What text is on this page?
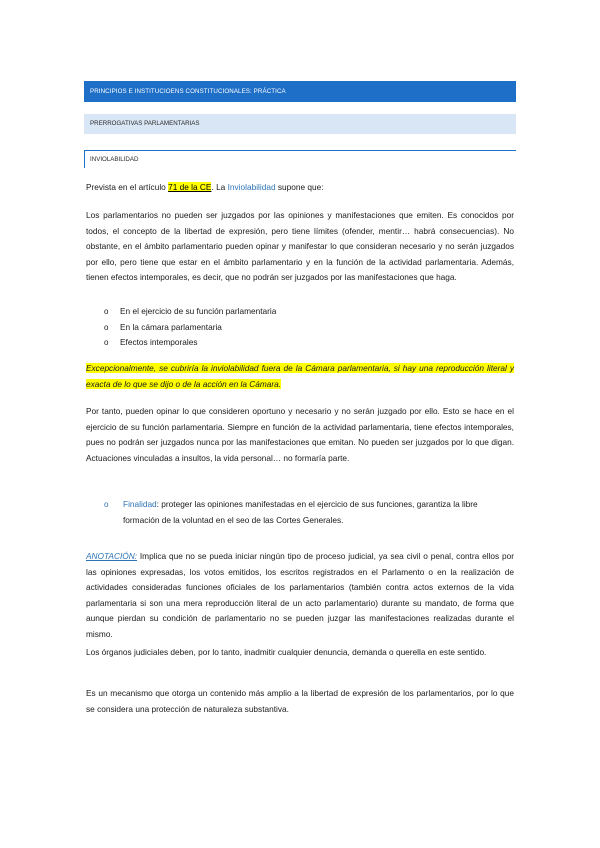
PRINCIPIOS E INSTITUCIOENS CONSTITUCIONALES: PRÁCTICA
PRERROGATIVAS PARLAMENTARIAS
INVIOLABILIDAD
Prevista en el artículo 71 de la CE. La Inviolabilidad supone que:
Los parlamentarios no pueden ser juzgados por las opiniones y manifestaciones que emiten. Es conocidos por todos, el concepto de la libertad de expresión, pero tiene límites (ofender, mentir… habrá consecuencias). No obstante, en el ámbito parlamentario pueden opinar y manifestar lo que consideran necesario y no serán juzgados por ello, pero tiene que estar en el ámbito parlamentario y en la función de la actividad parlamentaria. Además, tienen efectos intemporales, es decir, que no podrán ser juzgados por las manifestaciones que haga.
o En el ejercicio de su función parlamentaria
o En la cámara parlamentaria
o Efectos intemporales
Excepcionalmente, se cubriría la inviolabilidad fuera de la Cámara parlamentaria, si hay una reproducción literal y exacta de lo que se dijo o de la acción en la Cámara.
Por tanto, pueden opinar lo que consideren oportuno y necesario y no serán juzgado por ello. Esto se hace en el ejercicio de su función parlamentaria. Siempre en función de la actividad parlamentaria, tiene efectos intemporales, pues no podrán ser juzgados nunca por las manifestaciones que emitan. No pueden ser juzgados por lo que digan. Actuaciones vinculadas a insultos, la vida personal… no formaría parte.
o Finalidad: proteger las opiniones manifestadas en el ejercicio de sus funciones, garantiza la libre formación de la voluntad en el seo de las Cortes Generales.
ANOTACIÓN: Implica que no se pueda iniciar ningún tipo de proceso judicial, ya sea civil o penal, contra ellos por las opiniones expresadas, los votos emitidos, los escritos registrados en el Parlamento o en la realización de actividades consideradas funciones oficiales de los parlamentarios (también contra actos externos de la vida parlamentaria si son una mera reproducción literal de un acto parlamentario) durante su mandato, de forma que aunque pierdan su condición de parlamentario no se pueden juzgar las manifestaciones realizadas durante el mismo.
Los órganos judiciales deben, por lo tanto, inadmitir cualquier denuncia, demanda o querella en este sentido.
Es un mecanismo que otorga un contenido más amplio a la libertad de expresión de los parlamentarios, por lo que se considera una protección de naturaleza substantiva.
